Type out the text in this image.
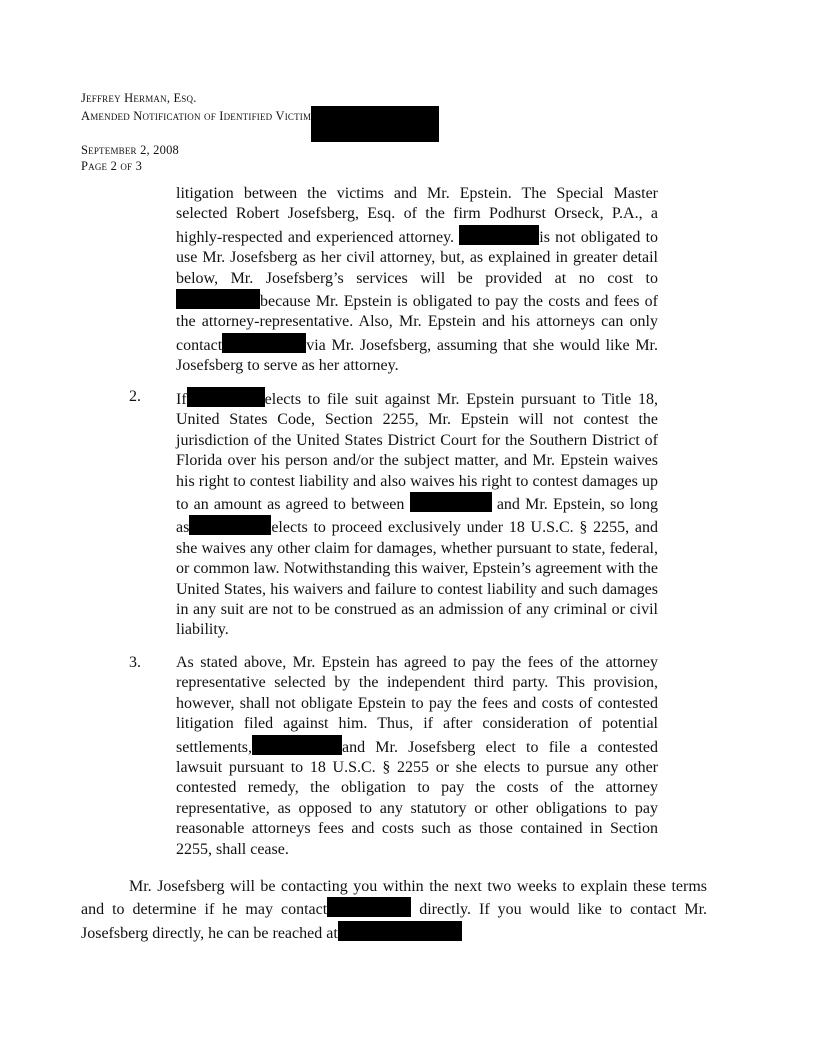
Jeffrey Herman, Esq.
Amended Notification of Identified Victim
September 2, 2008
Page 2 of 3
litigation between the victims and Mr. Epstein. The Special Master selected Robert Josefsberg, Esq. of the firm Podhurst Orseck, P.A., a highly-respected and experienced attorney.	is not obligated to use Mr. Josefsberg as her civil attorney, but, as explained in greater detail below, Mr. Josefsberg’s services will be provided at no cost to because Mr. Epstein is obligated to pay the costs and fees of the attorney-representative. Also, Mr. Epstein and his attorneys can only contact	via Mr. Josefsberg, assuming that she would like Mr. Josefsberg to serve as her attorney.
2. If	elects to file suit against Mr. Epstein pursuant to Title 18, United States Code, Section 2255, Mr. Epstein will not contest the jurisdiction of the United States District Court for the Southern District of Florida over his person and/or the subject matter, and Mr. Epstein waives his right to contest liability and also waives his right to contest damages up to an amount as agreed to between	and Mr. Epstein, so long as	elects to proceed exclusively under 18 U.S.C. § 2255, and she waives any other claim for damages, whether pursuant to state, federal, or common law. Notwithstanding this waiver, Epstein’s agreement with the United States, his waivers and failure to contest liability and such damages in any suit are not to be construed as an admission of any criminal or civil liability.
3. As stated above, Mr. Epstein has agreed to pay the fees of the attorney representative selected by the independent third party. This provision, however, shall not obligate Epstein to pay the fees and costs of contested litigation filed against him. Thus, if after consideration of potential settlements,	and Mr. Josefsberg elect to file a contested lawsuit pursuant to 18 U.S.C. § 2255 or she elects to pursue any other contested remedy, the obligation to pay the costs of the attorney representative, as opposed to any statutory or other obligations to pay reasonable attorneys fees and costs such as those contained in Section 2255, shall cease.
Mr. Josefsberg will be contacting you within the next two weeks to explain these terms and to determine if he may contact	directly. If you would like to contact Mr. Josefsberg directly, he can be reached at
